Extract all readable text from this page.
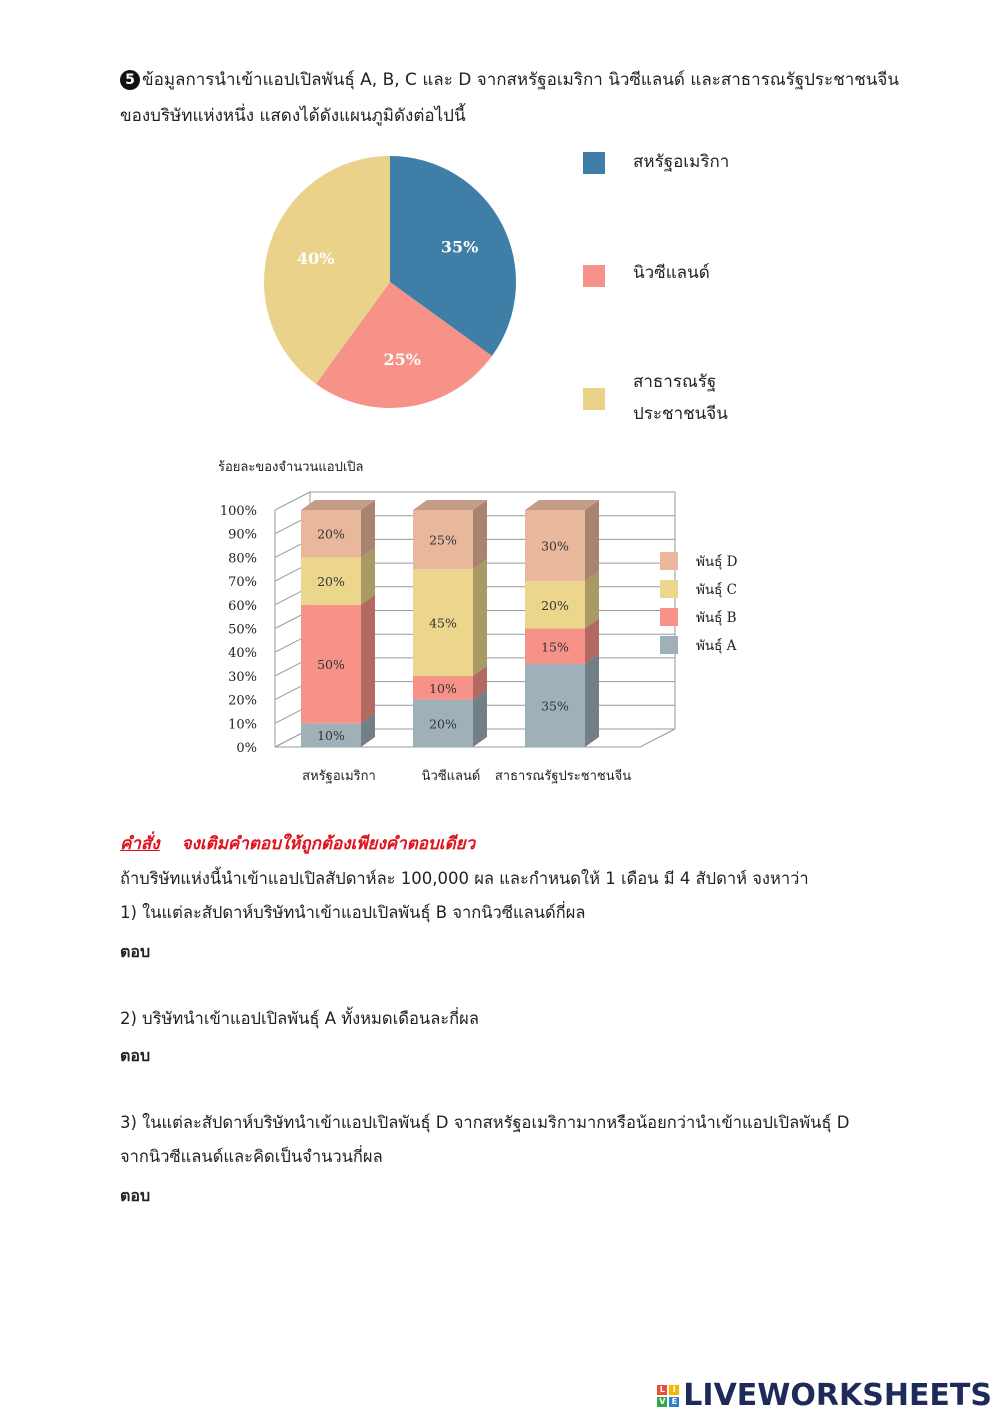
5 ข้อมูลการนำเข้าแอปเปิลพันธุ์ A, B, C และ D จากสหรัฐอเมริกา นิวซีแลนด์ และสาธารณรัฐประชาชนจีน
ของบริษัทแห่งหนึ่ง แสดงได้ดังแผนภูมิดังต่อไปนี้
35%
25%
40%
สหรัฐอเมริกา
นิวซีแลนด์
สาธารณรัฐ
ประชาชนจีน
ร้อยละของจำนวนแอปเปิล
0%
10%
20%
30%
40%
50%
60%
70%
80%
90%
100%
10%
50%
20%
20%
สหรัฐอเมริกา
20%
10%
45%
25%
นิวซีแลนด์
35%
15%
20%
30%
สาธารณรัฐประชาชนจีน
พันธุ์ D
พันธุ์ C
พันธุ์ B
พันธุ์ A
คำสั่ง จงเติมคำตอบให้ถูกต้องเพียงคำตอบเดียว
ถ้าบริษัทแห่งนี้นำเข้าแอปเปิลสัปดาห์ละ 100,000 ผล และกำหนดให้ 1 เดือน มี 4 สัปดาห์ จงหาว่า
1) ในแต่ละสัปดาห์บริษัทนำเข้าแอปเปิลพันธุ์ B จากนิวซีแลนด์กี่ผล
ตอบ
2) บริษัทนำเข้าแอปเปิลพันธุ์ A ทั้งหมดเดือนละกี่ผล
ตอบ
3) ในแต่ละสัปดาห์บริษัทนำเข้าแอปเปิลพันธุ์ D จากสหรัฐอเมริกามากหรือน้อยกว่านำเข้าแอปเปิลพันธุ์ D
จากนิวซีแลนด์และคิดเป็นจำนวนกี่ผล
ตอบ
L I
V E LIVEWORKSHEETS
